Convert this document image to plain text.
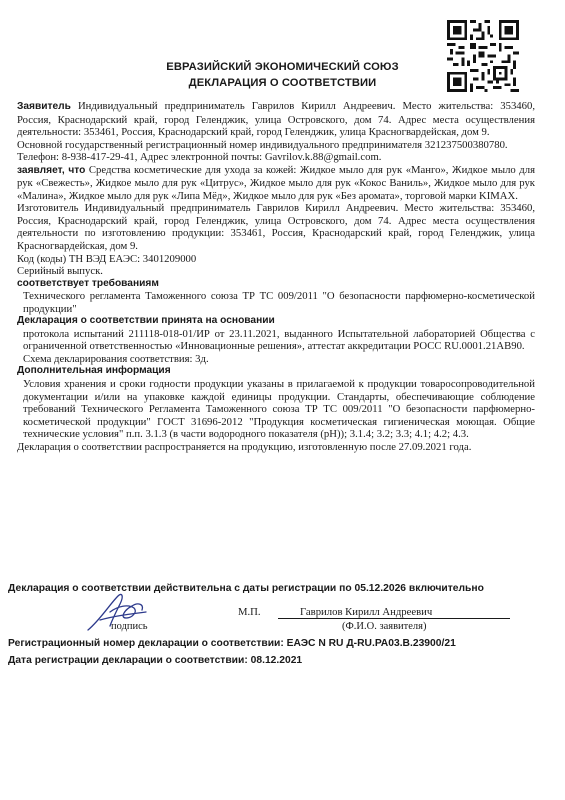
ЕВРАЗИЙСКИЙ ЭКОНОМИЧЕСКИЙ СОЮЗ
ДЕКЛАРАЦИЯ О СООТВЕТСТВИИ

Заявитель Индивидуальный предприниматель Гаврилов Кирилл Андреевич. Место жительства: 353460, Россия, Краснодарский край, город Геленджик, улица Островского, дом 74. Адрес места осуществления деятельности: 353461, Россия, Краснодарский край, город Геленджик, улица Красногвардейская, дом 9.

Основной государственный регистрационный номер индивидуального предпринимателя 321237500380780.

Телефон: 8-938-417-29-41, Адрес электронной почты: Gavrilov.k.88@gmail.com.

заявляет, что Средства косметические для ухода за кожей: Жидкое мыло для рук «Манго», Жидкое мыло для рук «Свежесть», Жидкое мыло для рук «Цитрус», Жидкое мыло для рук «Кокос Ваниль», Жидкое мыло для рук «Малина», Жидкое мыло для рук «Липа Мёд», Жидкое мыло для рук «Без аромата», торговой марки KIMAX.

Изготовитель Индивидуальный предприниматель Гаврилов Кирилл Андреевич. Место жительства: 353460, Россия, Краснодарский край, город Геленджик, улица Островского, дом 74. Адрес места осуществления деятельности по изготовлению продукции: 353461, Россия, Краснодарский край, город Геленджик, улица Красногвардейская, дом 9.

Код (коды) ТН ВЭД ЕАЭС: 3401209000

Серийный выпуск.

соответствует требованиям

Технического регламента Таможенного союза ТР ТС 009/2011 "О безопасности парфюмерно-косметической продукции"

Декларация о соответствии принята на основании

протокола испытаний 211118-018-01/ИР от 23.11.2021, выданного Испытательной лабораторией Общества с ограниченной ответственностью «Инновационные решения», аттестат аккредитации РОСС RU.0001.21АВ90.

Схема декларирования соответствия: 3д.

Дополнительная информация

Условия хранения и сроки годности продукции указаны в прилагаемой к продукции товаросопроводительной документации и/или на упаковке каждой единицы продукции. Стандарты, обеспечивающие соблюдение требований Технического Регламента Таможенного союза ТР ТС 009/2011 "О безопасности парфюмерно-косметической продукции" ГОСТ 31696-2012 "Продукция косметическая гигиеническая моющая. Общие технические условия" п.п. 3.1.3 (в части водородного показателя (pH)); 3.1.4; 3.2; 3.3; 4.1; 4.2; 4.3.

Декларация о соответствии распространяется на продукцию, изготовленную после 27.09.2021 года.

Декларация о соответствии действительна с даты регистрации по 05.12.2026 включительно
подпись
М.П.	Гаврилов Кирилл Андреевич
(Ф.И.О. заявителя)
Регистрационный номер декларации о соответствии: ЕАЭС N RU Д-RU.РА03.В.23900/21
Дата регистрации декларации о соответствии: 08.12.2021
